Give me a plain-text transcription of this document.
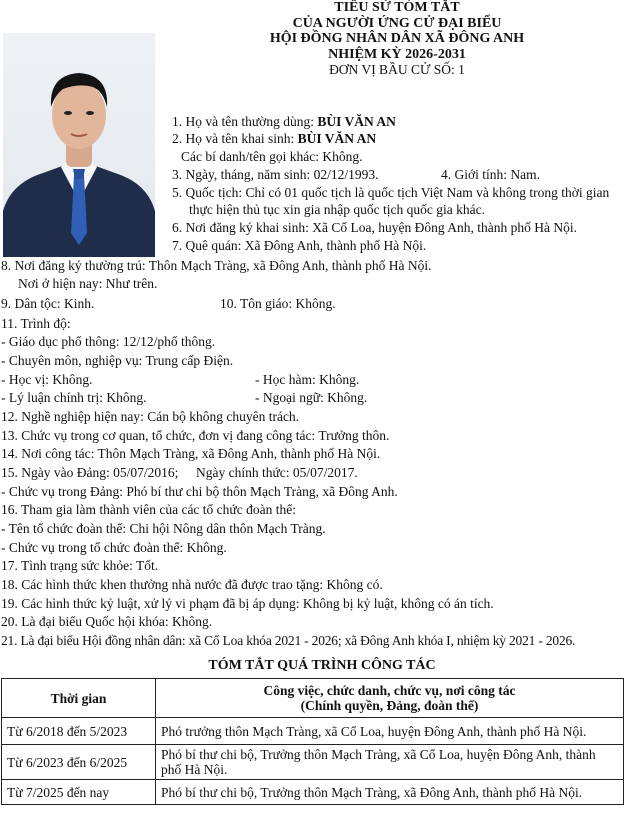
TIỂU SỬ TÓM TẮT
CỦA NGƯỜI ỨNG CỬ ĐẠI BIỂU
HỘI ĐỒNG NHÂN DÂN XÃ ĐÔNG ANH
NHIỆM KỲ 2026-2031
ĐƠN VỊ BẦU CỬ SỐ: 1
1. Họ và tên thường dùng: BÙI VĂN AN
2. Họ và tên khai sinh: BÙI VĂN AN
Các bí danh/tên gọi khác: Không.
3. Ngày, tháng, năm sinh: 02/12/1993.	4. Giới tính: Nam.
5. Quốc tịch: Chỉ có 01 quốc tịch là quốc tịch Việt Nam và không trong thời gian
thực hiện thủ tục xin gia nhập quốc tịch quốc gia khác.
6. Nơi đăng ký khai sinh: Xã Cổ Loa, huyện Đông Anh, thành phố Hà Nội.
7. Quê quán: Xã Đông Anh, thành phố Hà Nội.
8. Nơi đăng ký thường trú: Thôn Mạch Tràng, xã Đông Anh, thành phố Hà Nội.
Nơi ở hiện nay: Như trên.
9. Dân tộc: Kinh.	10. Tôn giáo: Không.
11. Trình độ:
- Giáo dục phổ thông: 12/12/phổ thông.
- Chuyên môn, nghiệp vụ: Trung cấp Điện.
- Học vị: Không.	- Học hàm: Không.
- Lý luận chính trị: Không.	- Ngoại ngữ: Không.
12. Nghề nghiệp hiện nay: Cán bộ không chuyên trách.
13. Chức vụ trong cơ quan, tổ chức, đơn vị đang công tác: Trưởng thôn.
14. Nơi công tác: Thôn Mạch Tràng, xã Đông Anh, thành phố Hà Nội.
15. Ngày vào Đảng: 05/07/2016; Ngày chính thức: 05/07/2017.
- Chức vụ trong Đảng: Phó bí thư chi bộ thôn Mạch Tràng, xã Đông Anh.
16. Tham gia làm thành viên của các tổ chức đoàn thể:
- Tên tổ chức đoàn thể: Chi hội Nông dân thôn Mạch Tràng.
- Chức vụ trong tổ chức đoàn thể: Không.
17. Tình trạng sức khỏe: Tốt.
18. Các hình thức khen thưởng nhà nước đã được trao tặng: Không có.
19. Các hình thức kỷ luật, xử lý vi phạm đã bị áp dụng: Không bị kỷ luật, không có án tích.
20. Là đại biểu Quốc hội khóa: Không.
21. Là đại biểu Hội đồng nhân dân: xã Cổ Loa khóa 2021 - 2026; xã Đông Anh khóa I, nhiệm kỳ 2021 - 2026.
TÓM TẮT QUÁ TRÌNH CÔNG TÁC
Thời gian	Công việc, chức danh, chức vụ, nơi công tác
(Chính quyền, Đảng, đoàn thể)

Từ 6/2018 đến 5/2023	Phó trưởng thôn Mạch Tràng, xã Cổ Loa, huyện Đông Anh, thành phố Hà Nội.
Từ 6/2023 đến 6/2025	Phó bí thư chi bộ, Trưởng thôn Mạch Tràng, xã Cổ Loa, huyện Đông Anh, thành phố Hà Nội.
Từ 7/2025 đến nay	Phó bí thư chi bộ, Trưởng thôn Mạch Tràng, xã Đông Anh, thành phố Hà Nội.
